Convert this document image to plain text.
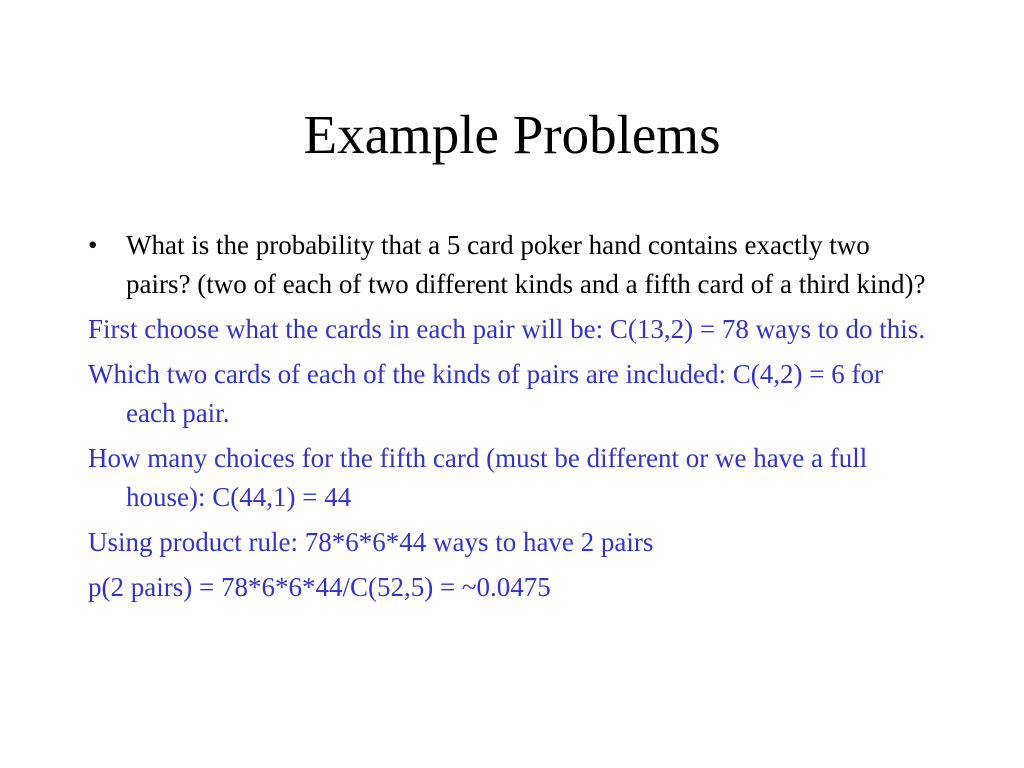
Example Problems
• What is the probability that a 5 card poker hand contains exactly two pairs? (two of each of two different kinds and a fifth card of a third kind)?

First choose what the cards in each pair will be: C(13,2) = 78 ways to do this.

Which two cards of each of the kinds of pairs are included: C(4,2) = 6 for each pair.

How many choices for the fifth card (must be different or we have a full house): C(44,1) = 44

Using product rule: 78*6*6*44 ways to have 2 pairs

p(2 pairs) = 78*6*6*44/C(52,5) = ~0.0475
